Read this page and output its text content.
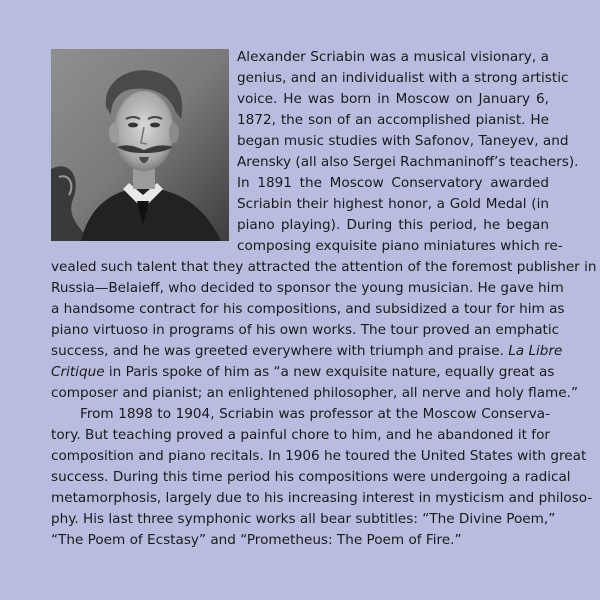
Alexander Scriabin was a musical visionary, a
genius, and an individualist with a strong artistic
voice. He was born in Moscow on January 6,
1872, the son of an accomplished pianist. He
began music studies with Safonov, Taneyev, and
Arensky (all also Sergei Rachmaninoff’s teachers).
In 1891 the Moscow Conservatory awarded
Scriabin their highest honor, a Gold Medal (in
piano playing). During this period, he began
composing exquisite piano miniatures which re-
vealed such talent that they attracted the attention of the foremost publisher in
Russia—Belaieff, who decided to sponsor the young musician. He gave him
a handsome contract for his compositions, and subsidized a tour for him as
piano virtuoso in programs of his own works. The tour proved an emphatic
success, and he was greeted everywhere with triumph and praise. La Libre
Critique in Paris spoke of him as “a new exquisite nature, equally great as
composer and pianist; an enlightened philosopher, all nerve and holy flame.”
From 1898 to 1904, Scriabin was professor at the Moscow Conserva-
tory. But teaching proved a painful chore to him, and he abandoned it for
composition and piano recitals. In 1906 he toured the United States with great
success. During this time period his compositions were undergoing a radical
metamorphosis, largely due to his increasing interest in mysticism and philoso-
phy. His last three symphonic works all bear subtitles: “The Divine Poem,”
“The Poem of Ecstasy” and “Prometheus: The Poem of Fire.”
